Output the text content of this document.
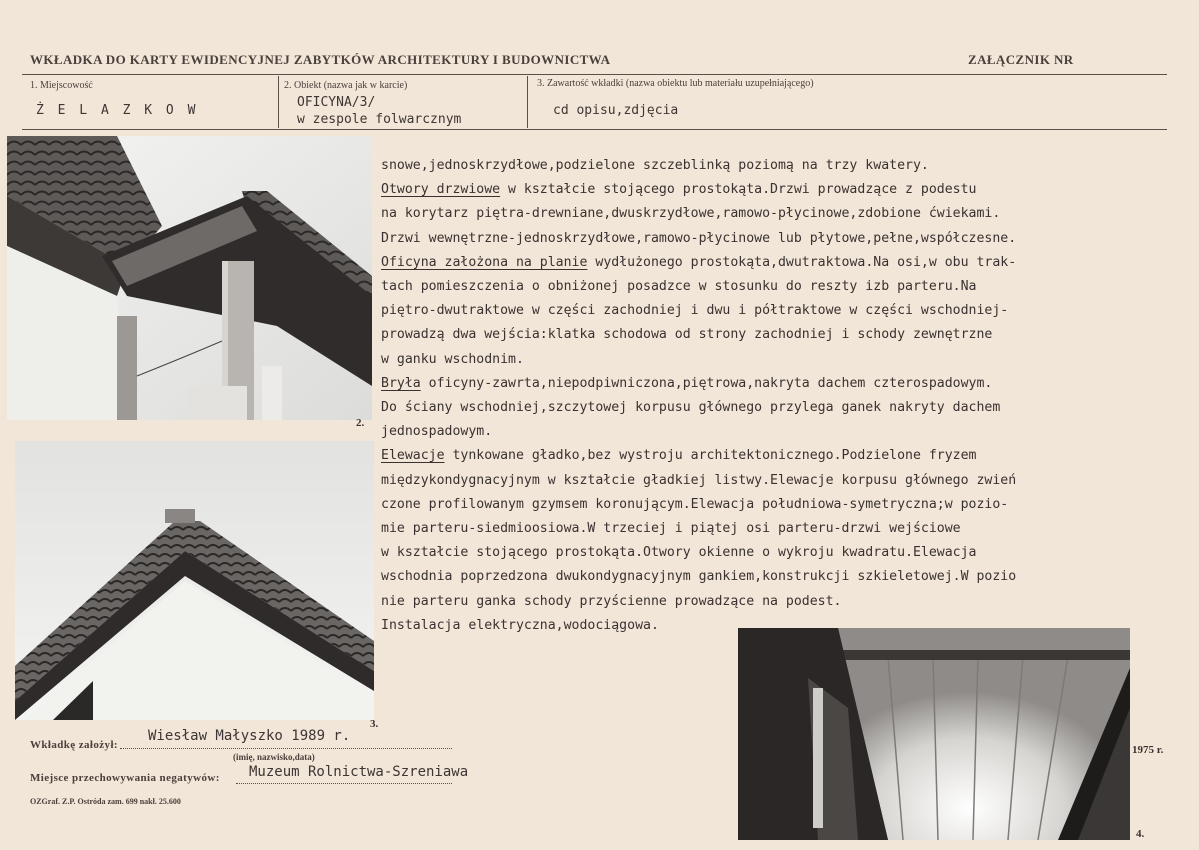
WKŁADKA DO KARTY EWIDENCYJNEJ ZABYTKÓW ARCHITEKTURY I BUDOWNICTWA	ZAŁĄCZNIK NR
1. Miejscowość
Ż E L A Z K O W
2. Obiekt (nazwa jak w karcie)
OFICYNA/3/
w zespole folwarcznym
3. Zawartość wkładki (nazwa obiektu lub materiału uzupełniającego)
cd opisu,zdjęcia
2.
3.
4.
1975 r.
snowe,jednoskrzydłowe,podzielone szczeblinką poziomą na trzy kwatery.
Otwory drzwiowe w kształcie stojącego prostokąta.Drzwi prowadzące z podestu
na korytarz piętra-drewniane,dwuskrzydłowe,ramowo-płycinowe,zdobione ćwiekami.
Drzwi wewnętrzne-jednoskrzydłowe,ramowo-płycinowe lub płytowe,pełne,współczesne.
Oficyna założona na planie wydłużonego prostokąta,dwutraktowa.Na osi,w obu trak-
tach pomieszczenia o obniżonej posadzce w stosunku do reszty izb parteru.Na
piętro-dwutraktowe w części zachodniej i dwu i półtraktowe w części wschodniej-
prowadzą dwa wejścia:klatka schodowa od strony zachodniej i schody zewnętrzne
w ganku wschodnim.
Bryła oficyny-zawrta,niepodpiwniczona,piętrowa,nakryta dachem czterospadowym.
Do ściany wschodniej,szczytowej korpusu głównego przylega ganek nakryty dachem
jednospadowym.
Elewacje tynkowane gładko,bez wystroju architektonicznego.Podzielone fryzem
międzykondygnacyjnym w kształcie gładkiej listwy.Elewacje korpusu głównego zwień
czone profilowanym gzymsem koronującym.Elewacja południowa-symetryczna;w pozio-
mie parteru-siedmioosiowa.W trzeciej i piątej osi parteru-drzwi wejściowe
w kształcie stojącego prostokąta.Otwory okienne o wykroju kwadratu.Elewacja
wschodnia poprzedzona dwukondygnacyjnym gankiem,konstrukcji szkieletowej.W pozio
nie parteru ganka schody przyścienne prowadzące na podest.
Instalacja elektryczna,wodociągowa.
Wkładkę założył:
Wiesław Małyszko 1989 r.
(imię, nazwisko,data)
Miejsce przechowywania negatywów: Muzeum Rolnictwa-Szreniawa
OZGraf. Z.P. Ostróda zam. 699 nakł. 25.600
